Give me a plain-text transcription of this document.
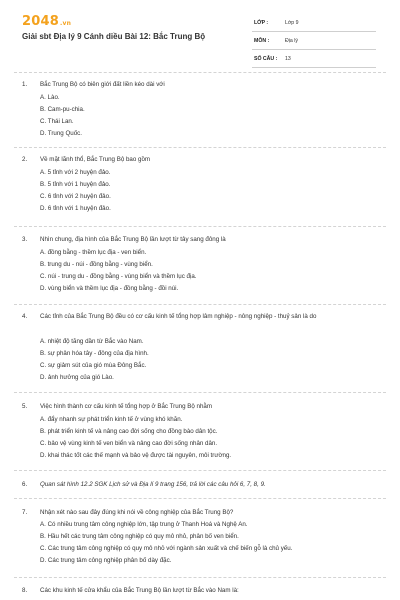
2048.vn
Giải sbt Địa lý 9 Cánh diều Bài 12: Bắc Trung Bộ
LỚP :	Lớp 9
MÔN :	Địa lý
SỐ CÂU : 13
1. Bắc Trung Bộ có biên giới đất liền kéo dài với
A. Lào.
B. Cam-pu-chia.
C. Thái Lan.
D. Trung Quốc.
2. Về mặt lãnh thổ, Bắc Trung Bộ bao gồm
A. 5 tỉnh với 2 huyện đảo.
B. 5 tỉnh với 1 huyện đảo.
C. 6 tỉnh với 2 huyện đảo.
D. 6 tỉnh với 1 huyện đảo.
3. Nhìn chung, địa hình của Bắc Trung Bộ lần lượt từ tây sang đông là
A. đồng bằng - thềm lục địa - ven biển.
B. trung du - núi - đồng bằng - vùng biển.
C. núi - trung du - đồng bằng - vùng biển và thềm lục địa.
D. vùng biển và thềm lục địa - đồng bằng - đồi núi.
4. Các tỉnh của Bắc Trung Bộ đều có cơ cấu kinh tế tổng hợp lâm nghiệp - nông nghiệp - thuỷ sản là do
A. nhiệt độ tăng dần từ Bắc vào Nam.
B. sự phân hóa tây - đông của địa hình.
C. sự giảm sút của gió mùa Đông Bắc.
D. ảnh hưởng của gió Lào.
5. Việc hình thành cơ cấu kinh tế tổng hợp ở Bắc Trung Bộ nhằm
A. đẩy nhanh sự phát triển kinh tế ở vùng khó khăn.
B. phát triển kinh tế và nâng cao đời sống cho đồng bào dân tộc.
C. bảo vệ vùng kinh tế ven biển và nâng cao đời sống nhân dân.
D. khai thác tốt các thế mạnh và bảo vệ được tài nguyên, môi trường.
6. Quan sát hình 12.2 SGK Lịch sử và Địa lí 9 trang 156, trả lời các câu hỏi 6, 7, 8, 9.
7. Nhận xét nào sau đây đúng khi nói về công nghiệp của Bắc Trung Bộ?
A. Có nhiều trung tâm công nghiệp lớn, tập trung ở Thanh Hoá và Nghệ An.
B. Hầu hết các trung tâm công nghiệp có quy mô nhỏ, phân bố ven biển.
C. Các trung tâm công nghiệp có quy mô nhỏ với ngành sản xuất và chế biến gỗ là chủ yếu.
D. Các trung tâm công nghiệp phân bố dày đặc.
8. Các khu kinh tế cửa khẩu của Bắc Trung Bộ lần lượt từ Bắc vào Nam là:
